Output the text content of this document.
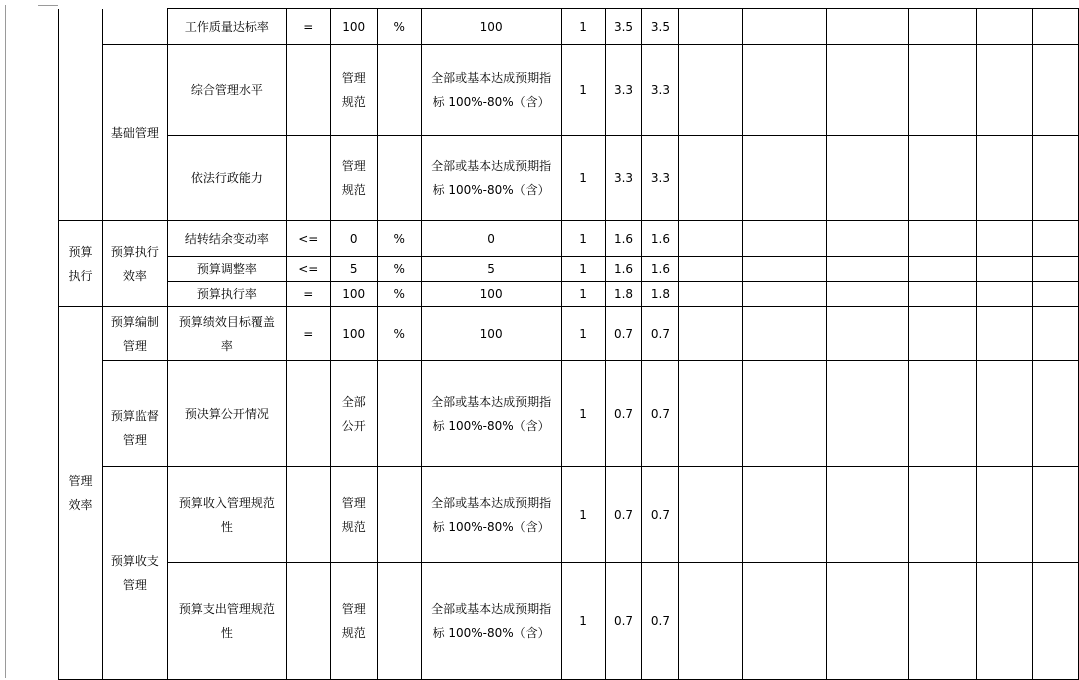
		工作质量达标率	=	100	%	100	1	3.5	3.5						
	基础管理	综合管理水平		管理规范		全部或基本达成预期指标 100%-80%（含）	1	3.3	3.3						
		依法行政能力		管理规范		全部或基本达成预期指标 100%-80%（含）	1	3.3	3.3						
预算执行	预算执行效率	结转结余变动率	<=	0	%	0	1	1.6	1.6						
		预算调整率	<=	5	%	5	1	1.6	1.6						
		预算执行率	=	100	%	100	1	1.8	1.8						
管理效率	预算编制管理	预算绩效目标覆盖率	=	100	%	100	1	0.7	0.7						
	预算监督管理	预决算公开情况		全部公开		全部或基本达成预期指标 100%-80%（含）	1	0.7	0.7						
	预算收支管理	预算收入管理规范性		管理规范		全部或基本达成预期指标 100%-80%（含）	1	0.7	0.7						
		预算支出管理规范性		管理规范		全部或基本达成预期指标 100%-80%（含）	1	0.7	0.7						
